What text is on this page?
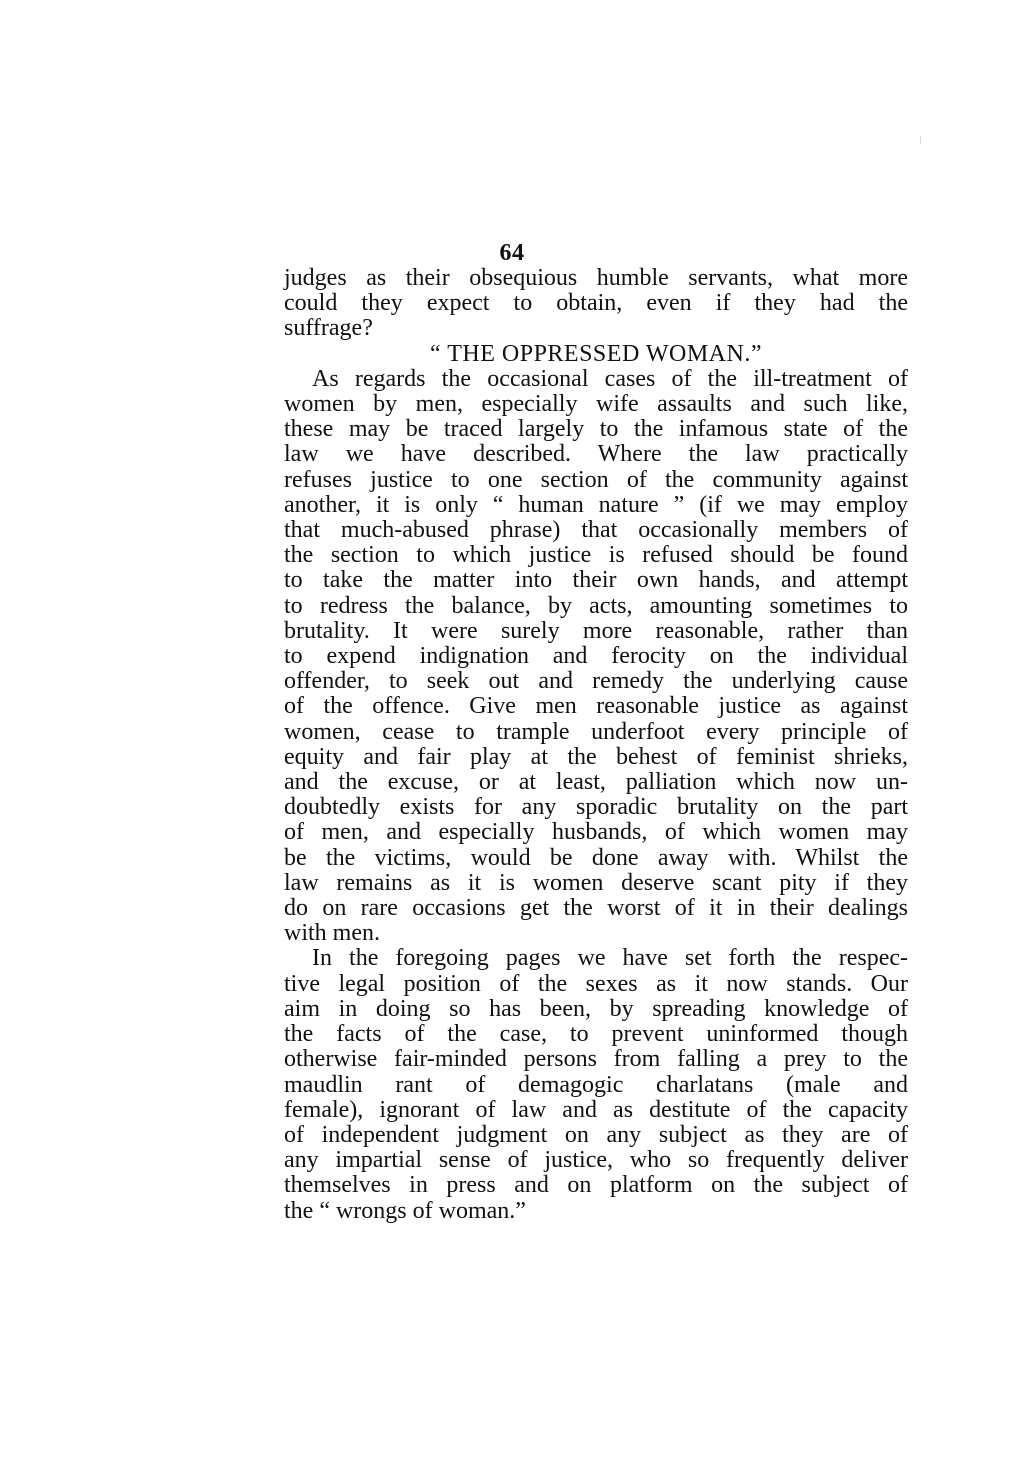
64
judges as their obsequious humble servants, what more
could they expect to obtain, even if they had the
suffrage?
“ THE OPPRESSED WOMAN.”
As regards the occasional cases of the ill-treatment of
women by men, especially wife assaults and such like,
these may be traced largely to the infamous state of the
law we have described. Where the law practically
refuses justice to one section of the community against
another, it is only “ human nature ” (if we may employ
that much-abused phrase) that occasionally members of
the section to which justice is refused should be found
to take the matter into their own hands, and attempt
to redress the balance, by acts, amounting sometimes to
brutality. It were surely more reasonable, rather than
to expend indignation and ferocity on the individual
offender, to seek out and remedy the underlying cause
of the offence. Give men reasonable justice as against
women, cease to trample underfoot every principle of
equity and fair play at the behest of feminist shrieks,
and the excuse, or at least, palliation which now un-
doubtedly exists for any sporadic brutality on the part
of men, and especially husbands, of which women may
be the victims, would be done away with. Whilst the
law remains as it is women deserve scant pity if they
do on rare occasions get the worst of it in their dealings
with men.
In the foregoing pages we have set forth the respec-
tive legal position of the sexes as it now stands. Our
aim in doing so has been, by spreading knowledge of
the facts of the case, to prevent uninformed though
otherwise fair-minded persons from falling a prey to the
maudlin rant of demagogic charlatans (male and
female), ignorant of law and as destitute of the capacity
of independent judgment on any subject as they are of
any impartial sense of justice, who so frequently deliver
themselves in press and on platform on the subject of
the “ wrongs of woman.”
